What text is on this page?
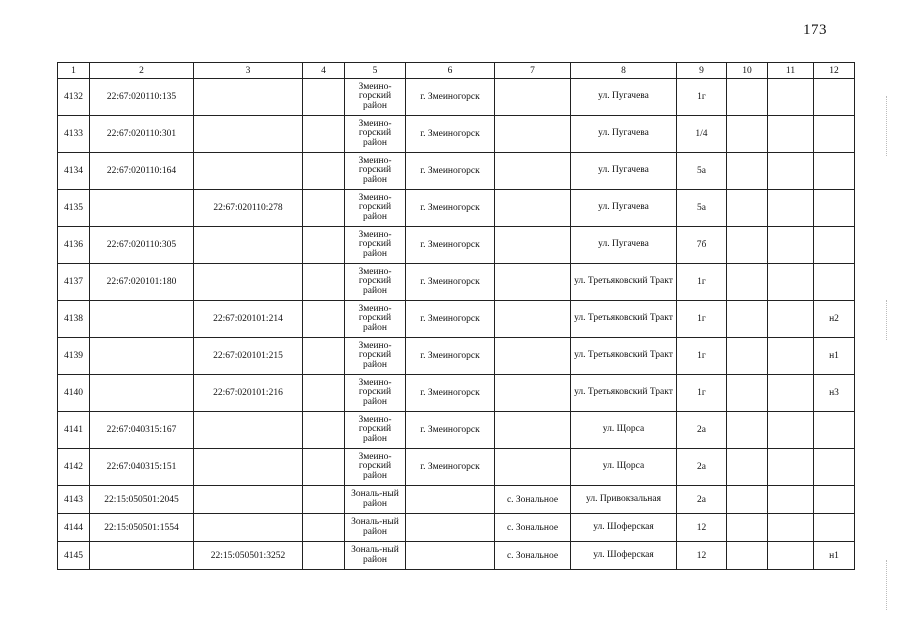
173
1	2	3	4	5	6	7	8	9	10	11	12
4132	22:67:020110:135			Змеино-горский район	г. Змеиногорск		ул. Пугачева	1г			
4133	22:67:020110:301			Змеино-горский район	г. Змеиногорск		ул. Пугачева	1/4			
4134	22:67:020110:164			Змеино-горский район	г. Змеиногорск		ул. Пугачева	5а			
4135		22:67:020110:278		Змеино-горский район	г. Змеиногорск		ул. Пугачева	5а			
4136	22:67:020110:305			Змеино-горский район	г. Змеиногорск		ул. Пугачева	7б			
4137	22:67:020101:180			Змеино-горский район	г. Змеиногорск		ул. Третьяковский Тракт	1г			
4138		22:67:020101:214		Змеино-горский район	г. Змеиногорск		ул. Третьяковский Тракт	1г			н2
4139		22:67:020101:215		Змеино-горский район	г. Змеиногорск		ул. Третьяковский Тракт	1г			н1
4140		22:67:020101:216		Змеино-горский район	г. Змеиногорск		ул. Третьяковский Тракт	1г			н3
4141	22:67:040315:167			Змеино-горский район	г. Змеиногорск		ул. Щорса	2а			
4142	22:67:040315:151			Змеино-горский район	г. Змеиногорск		ул. Щорса	2а			
4143	22:15:050501:2045			Зональ-ный район		с. Зональное	ул. Привокзальная	2а			
4144	22:15:050501:1554			Зональ-ный район		с. Зональное	ул. Шоферская	12			
4145		22:15:050501:3252		Зональ-ный район		с. Зональное	ул. Шоферская	12			н1
